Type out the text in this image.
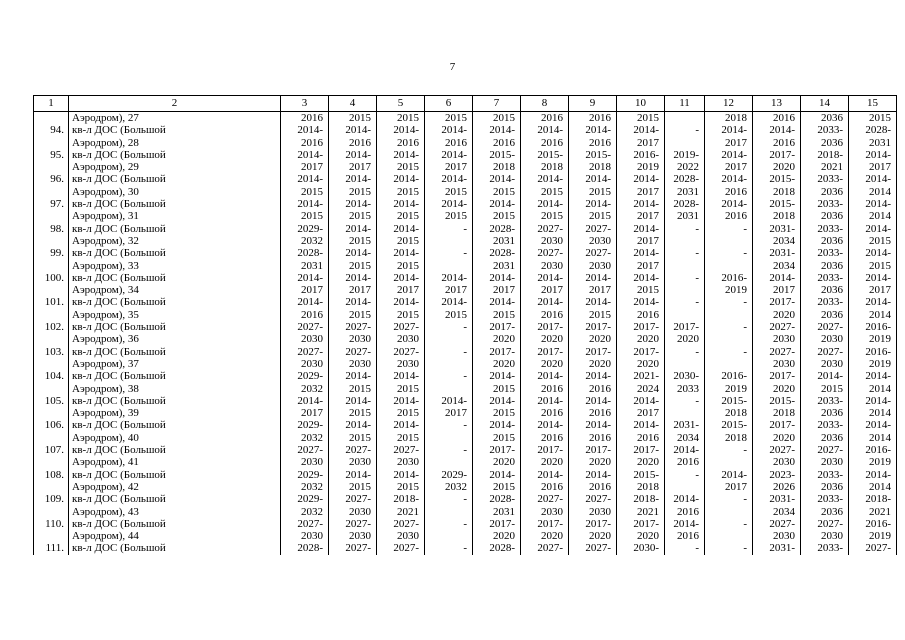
7
1	2	3	4	5	6	7	8	9	10	11	12	13	14	15
	Аэродром), 27	2016	2015	2015	2015	2015	2016	2016	2015		2018	2016	2036	2015
94.	кв-л ДОС (Большой	2014-	2014-	2014-	2014-	2014-	2014-	2014-	2014-	-	2014-	2014-	2033-	2028-
	Аэродром), 28	2016	2016	2016	2016	2016	2016	2016	2017		2017	2016	2036	2031
95.	кв-л ДОС (Большой	2014-	2014-	2014-	2014-	2015-	2015-	2015-	2016-	2019-	2014-	2017-	2018-	2014-
	Аэродром), 29	2017	2017	2015	2017	2018	2018	2018	2019	2022	2017	2020	2021	2017
96.	кв-л ДОС (Большой	2014-	2014-	2014-	2014-	2014-	2014-	2014-	2014-	2028-	2014-	2015-	2033-	2014-
	Аэродром), 30	2015	2015	2015	2015	2015	2015	2015	2017	2031	2016	2018	2036	2014
97.	кв-л ДОС (Большой	2014-	2014-	2014-	2014-	2014-	2014-	2014-	2014-	2028-	2014-	2015-	2033-	2014-
	Аэродром), 31	2015	2015	2015	2015	2015	2015	2015	2017	2031	2016	2018	2036	2014
98.	кв-л ДОС (Большой	2029-	2014-	2014-	-	2028-	2027-	2027-	2014-	-	-	2031-	2033-	2014-
	Аэродром), 32	2032	2015	2015		2031	2030	2030	2017			2034	2036	2015
99.	кв-л ДОС (Большой	2028-	2014-	2014-	-	2028-	2027-	2027-	2014-	-	-	2031-	2033-	2014-
	Аэродром), 33	2031	2015	2015		2031	2030	2030	2017			2034	2036	2015
100.	кв-л ДОС (Большой	2014-	2014-	2014-	2014-	2014-	2014-	2014-	2014-	-	2016-	2014-	2033-	2014-
	Аэродром), 34	2017	2017	2017	2017	2017	2017	2017	2015		2019	2017	2036	2017
101.	кв-л ДОС (Большой	2014-	2014-	2014-	2014-	2014-	2014-	2014-	2014-	-	-	2017-	2033-	2014-
	Аэродром), 35	2016	2015	2015	2015	2015	2016	2015	2016			2020	2036	2014
102.	кв-л ДОС (Большой	2027-	2027-	2027-	-	2017-	2017-	2017-	2017-	2017-	-	2027-	2027-	2016-
	Аэродром), 36	2030	2030	2030		2020	2020	2020	2020	2020		2030	2030	2019
103.	кв-л ДОС (Большой	2027-	2027-	2027-	-	2017-	2017-	2017-	2017-	-	-	2027-	2027-	2016-
	Аэродром), 37	2030	2030	2030		2020	2020	2020	2020			2030	2030	2019
104.	кв-л ДОС (Большой	2029-	2014-	2014-	-	2014-	2014-	2014-	2021-	2030-	2016-	2017-	2014-	2014-
	Аэродром), 38	2032	2015	2015		2015	2016	2016	2024	2033	2019	2020	2015	2014
105.	кв-л ДОС (Большой	2014-	2014-	2014-	2014-	2014-	2014-	2014-	2014-	-	2015-	2015-	2033-	2014-
	Аэродром), 39	2017	2015	2015	2017	2015	2016	2016	2017		2018	2018	2036	2014
106.	кв-л ДОС (Большой	2029-	2014-	2014-	-	2014-	2014-	2014-	2014-	2031-	2015-	2017-	2033-	2014-
	Аэродром), 40	2032	2015	2015		2015	2016	2016	2016	2034	2018	2020	2036	2014
107.	кв-л ДОС (Большой	2027-	2027-	2027-	-	2017-	2017-	2017-	2017-	2014-	-	2027-	2027-	2016-
	Аэродром), 41	2030	2030	2030		2020	2020	2020	2020	2016		2030	2030	2019
108.	кв-л ДОС (Большой	2029-	2014-	2014-	2029-	2014-	2014-	2014-	2015-	-	2014-	2023-	2033-	2014-
	Аэродром), 42	2032	2015	2015	2032	2015	2016	2016	2018		2017	2026	2036	2014
109.	кв-л ДОС (Большой	2029-	2027-	2018-	-	2028-	2027-	2027-	2018-	2014-	-	2031-	2033-	2018-
	Аэродром), 43	2032	2030	2021		2031	2030	2030	2021	2016		2034	2036	2021
110.	кв-л ДОС (Большой	2027-	2027-	2027-	-	2017-	2017-	2017-	2017-	2014-	-	2027-	2027-	2016-
	Аэродром), 44	2030	2030	2030		2020	2020	2020	2020	2016		2030	2030	2019
111.	кв-л ДОС (Большой	2028-	2027-	2027-	-	2028-	2027-	2027-	2030-	-	-	2031-	2033-	2027-
